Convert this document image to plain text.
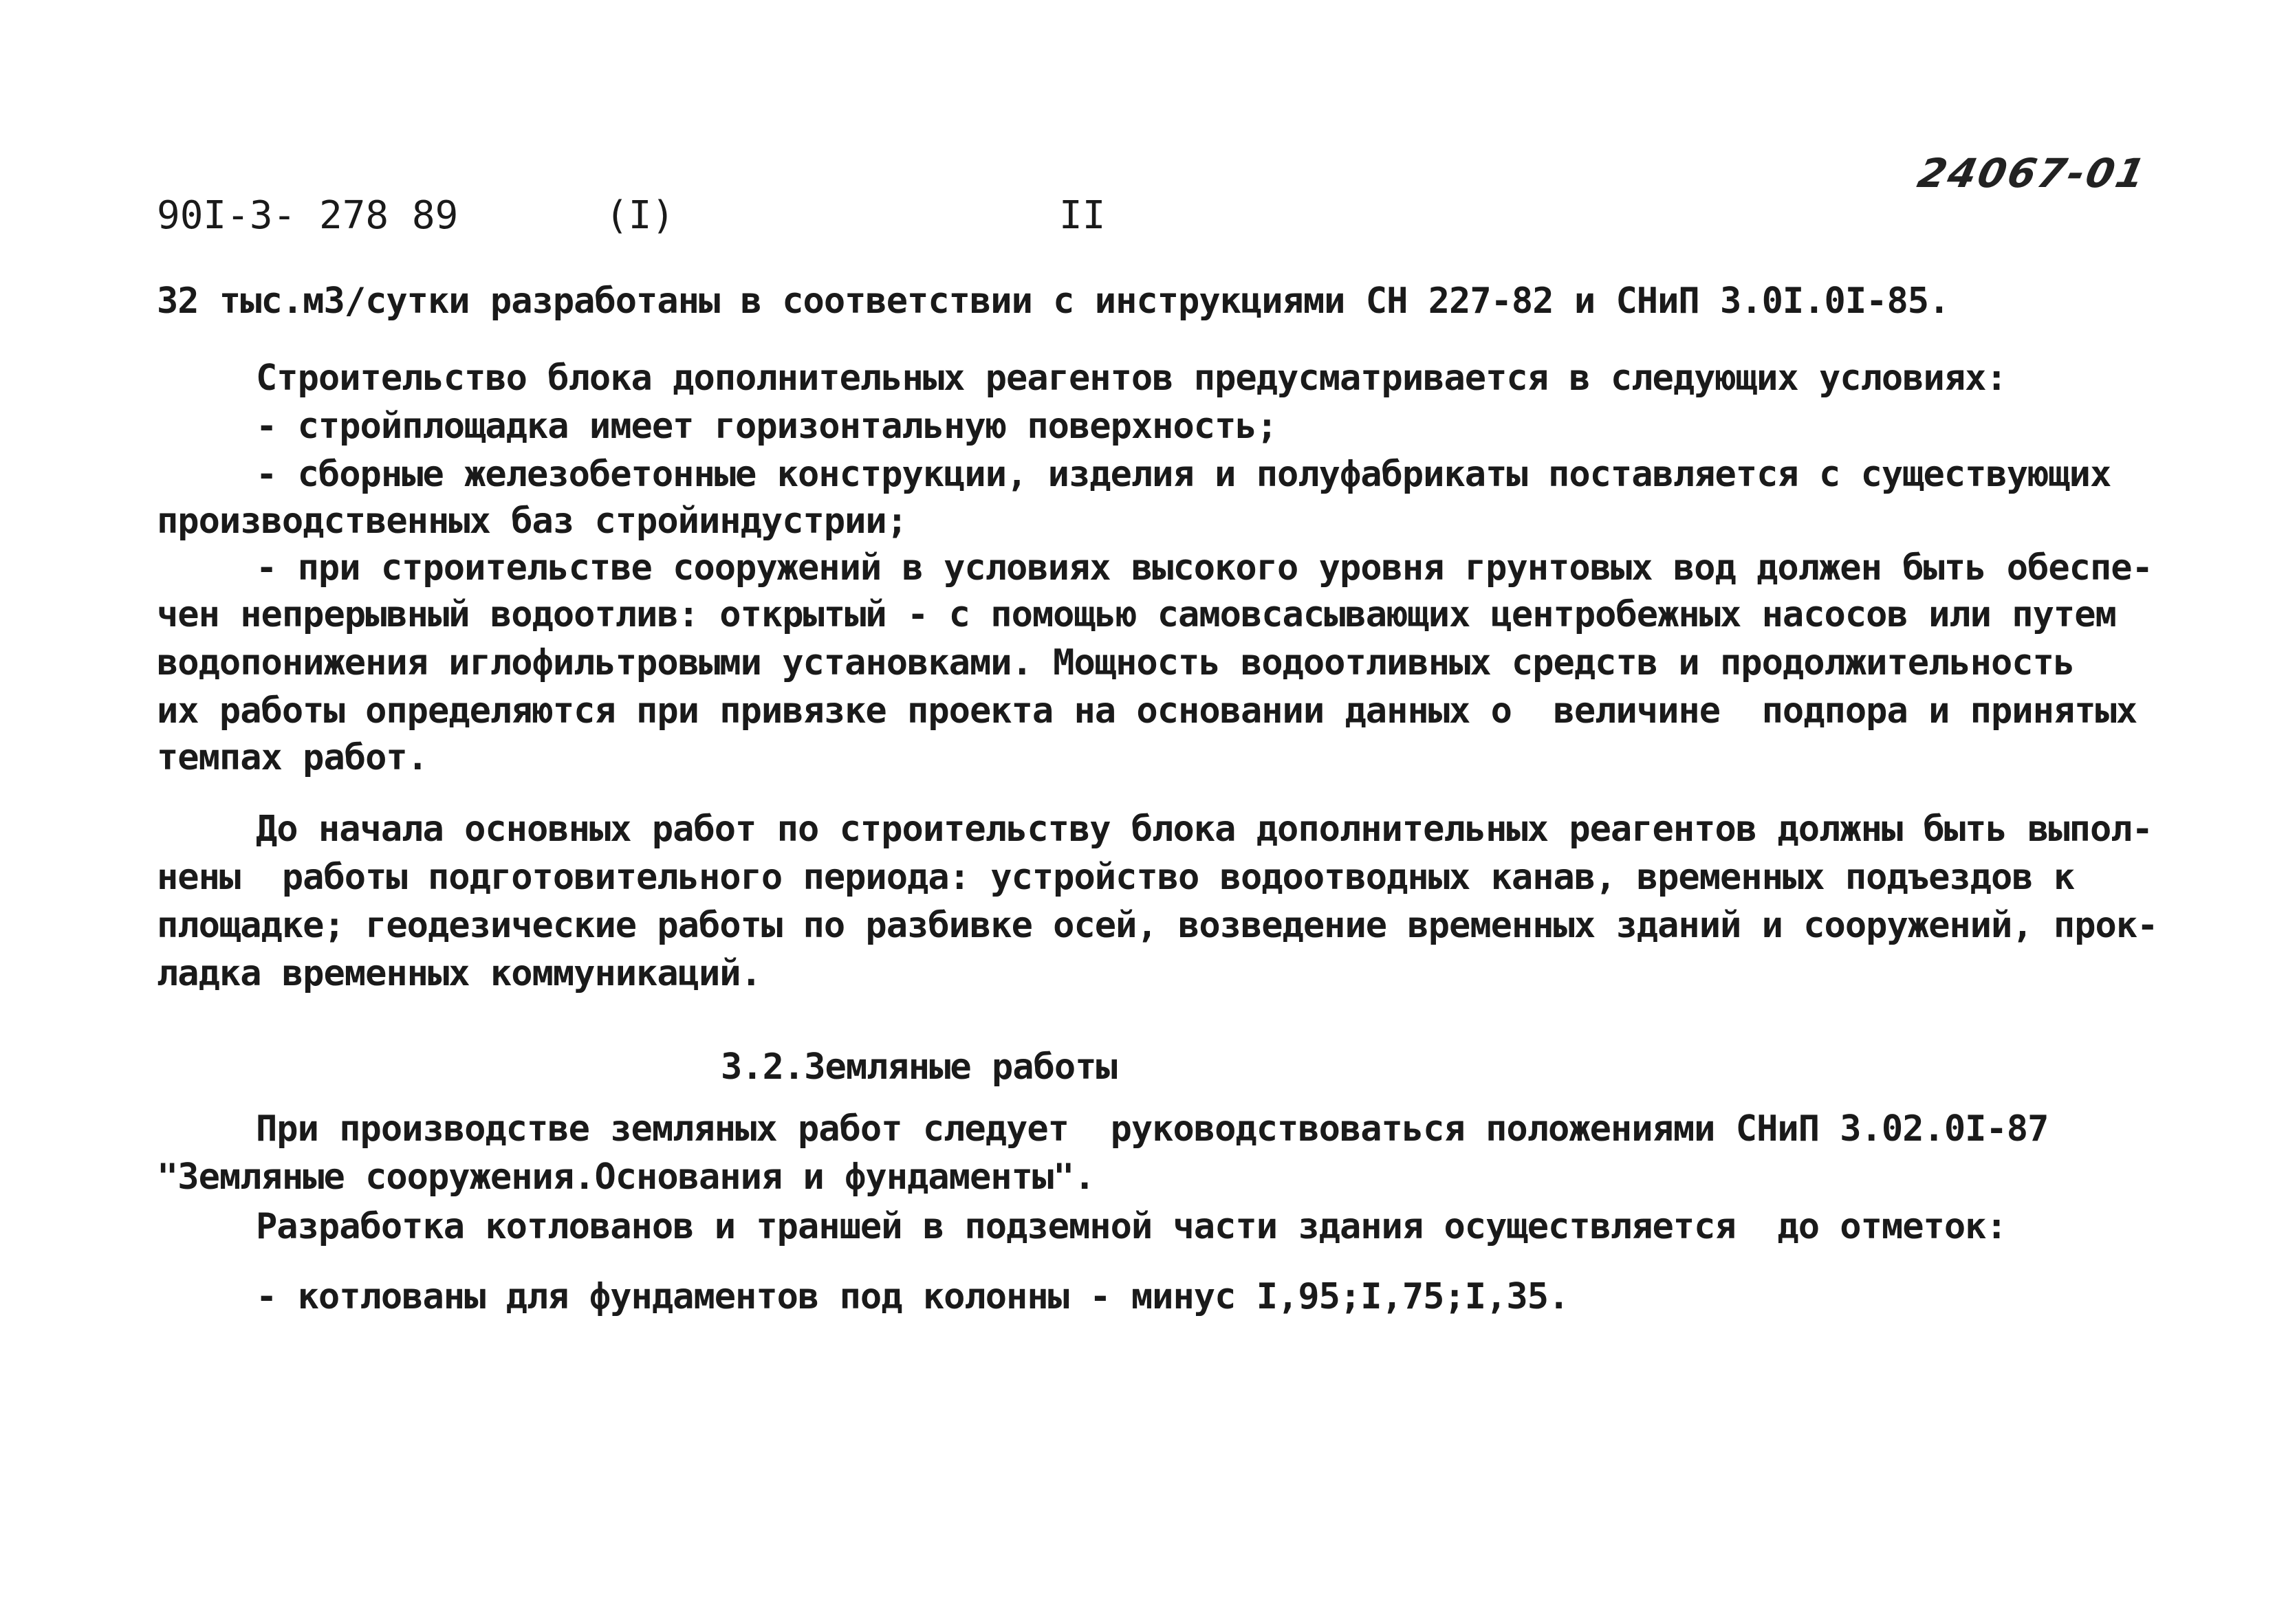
90I-3- 278 89	(I)	II
24067-01
32 тыс.м3/сутки разработаны в соответствии с инструкциями СН 227-82 и СНиП 3.0I.0I-85.
Строительство блока дополнительных реагентов предусматривается в следующих условиях:
- стройплощадка имеет горизонтальную поверхность;
- сборные железобетонные конструкции, изделия и полуфабрикаты поставляется с существующих
производственных баз стройиндустрии;
- при строительстве сооружений в условиях высокого уровня грунтовых вод должен быть обеспе-
чен непрерывный водоотлив: открытый - с помощью самовсасывающих центробежных насосов или путем
водопонижения иглофильтровыми установками. Мощность водоотливных средств и продолжительность
их работы определяются при привязке проекта на основании данных о  величине  подпора и принятых
темпах работ.
До начала основных работ по строительству блока дополнительных реагентов должны быть выпол-
нены  работы подготовительного периода: устройство водоотводных канав, временных подъездов к
площадке; геодезические работы по разбивке осей, возведение временных зданий и сооружений, прок-
ладка временных коммуникаций.
3.2.Земляные работы
При производстве земляных работ следует  руководствоваться положениями СНиП 3.02.0I-87
"Земляные сооружения.Основания и фундаменты".
Разработка котлованов и траншей в подземной части здания осуществляется  до отметок:
- котлованы для фундаментов под колонны - минус I,95;I,75;I,35.
